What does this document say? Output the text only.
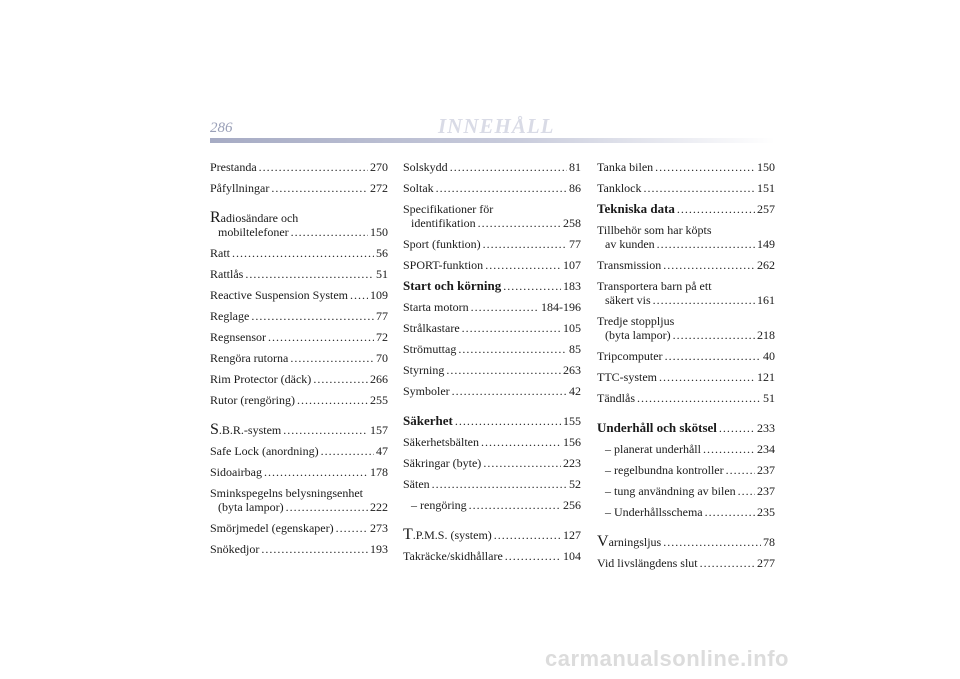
286	INNEHÅLL
Prestanda .....	270
Påfyllningar .....	272
Radiosändare och
mobiltelefoner .....	150
Ratt .....	56
Rattlås .....	51
Reactive Suspension System ..... 109
Reglage .....	77
Regnsensor .....	72
Rengöra rutorna .....	70
Rim Protector (däck) .....	266
Rutor (rengöring) .....	255
S.B.R.-system .....	157
Safe Lock (anordning) .....	47
Sidoairbag .....	178
Sminkspegelns belysningsenhet
(byta lampor) .....	222
Smörjmedel (egenskaper) .....	273
Snökedjor .....	193
Solskydd .....	81
Soltak .....	86
Specifikationer för
identifikation .....	258
Sport (funktion) .....	77
SPORT-funktion .....	107
Start och körning .....	183
Starta motorn .....	184-196
Strålkastare .....	105
Strömuttag .....	85
Styrning .....	263
Symboler .....	42
Säkerhet .....	155
Säkerhetsbälten .....	156
Säkringar (byte) .....	223
Säten .....	52
– rengöring .....	256
T.P.M.S. (system) .....	127
Takräcke/skidhållare .....	104
Tanka bilen .....	150
Tanklock .....	151
Tekniska data .....	257
Tillbehör som har köpts
av kunden .....	149
Transmission .....	262
Transportera barn på ett
säkert vis .....	161
Tredje stoppljus
(byta lampor) .....	218
Tripcomputer .....	40
TTC-system .....	121
Tändlås .....	51
Underhåll och skötsel .....	233
– planerat underhåll .....	234
– regelbundna kontroller .....	237
– tung användning av bilen ..... 237
– Underhållsschema .....	235
Varningsljus .....	78
Vid livslängdens slut .....	277
carmanualsonline.info
